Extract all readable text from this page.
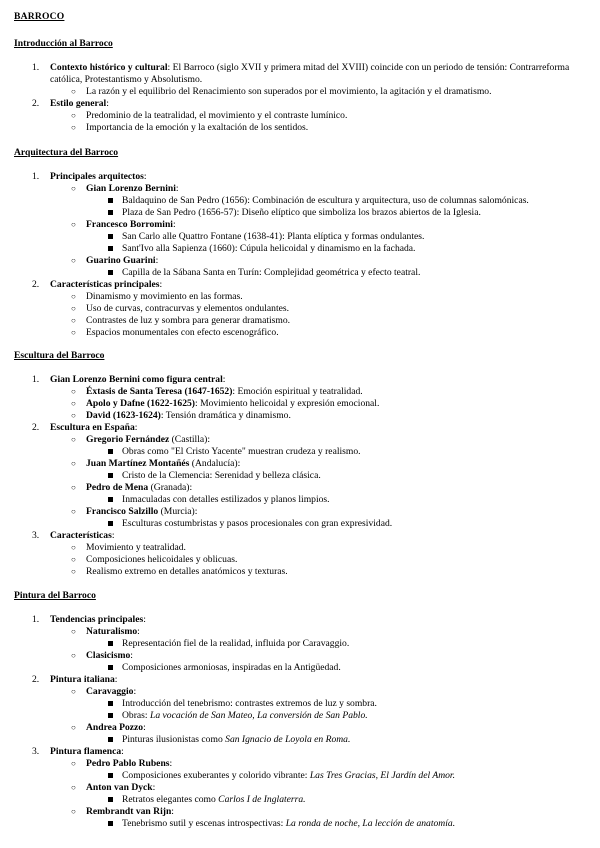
BARROCO

Introducción al Barroco

1. Contexto histórico y cultural: El Barroco (siglo XVII y primera mitad del XVIII) coincide con un periodo de tensión: Contrarreforma
católica, Protestantismo y Absolutismo.
○ La razón y el equilibrio del Renacimiento son superados por el movimiento, la agitación y el dramatismo.
2. Estilo general:
○ Predominio de la teatralidad, el movimiento y el contraste lumínico.
○ Importancia de la emoción y la exaltación de los sentidos.

Arquitectura del Barroco

1. Principales arquitectos:
○ Gian Lorenzo Bernini:
Baldaquino de San Pedro (1656): Combinación de escultura y arquitectura, uso de columnas salomónicas.
Plaza de San Pedro (1656-57): Diseño elíptico que simboliza los brazos abiertos de la Iglesia.
○ Francesco Borromini:
San Carlo alle Quattro Fontane (1638-41): Planta elíptica y formas ondulantes.
Sant'Ivo alla Sapienza (1660): Cúpula helicoidal y dinamismo en la fachada.
○ Guarino Guarini:
Capilla de la Sábana Santa en Turín: Complejidad geométrica y efecto teatral.
2. Características principales:
○ Dinamismo y movimiento en las formas.
○ Uso de curvas, contracurvas y elementos ondulantes.
○ Contrastes de luz y sombra para generar dramatismo.
○ Espacios monumentales con efecto escenográfico.

Escultura del Barroco

1. Gian Lorenzo Bernini como figura central:
○ Éxtasis de Santa Teresa (1647-1652): Emoción espiritual y teatralidad.
○ Apolo y Dafne (1622-1625): Movimiento helicoidal y expresión emocional.
○ David (1623-1624): Tensión dramática y dinamismo.
2. Escultura en España:
○ Gregorio Fernández (Castilla):
Obras como "El Cristo Yacente" muestran crudeza y realismo.
○ Juan Martínez Montañés (Andalucía):
Cristo de la Clemencia: Serenidad y belleza clásica.
○ Pedro de Mena (Granada):
Inmaculadas con detalles estilizados y planos limpios.
○ Francisco Salzillo (Murcia):
Esculturas costumbristas y pasos procesionales con gran expresividad.
3. Características:
○ Movimiento y teatralidad.
○ Composiciones helicoidales y oblicuas.
○ Realismo extremo en detalles anatómicos y texturas.

Pintura del Barroco

1. Tendencias principales:
○ Naturalismo:
Representación fiel de la realidad, influida por Caravaggio.
○ Clasicismo:
Composiciones armoniosas, inspiradas en la Antigüedad.
2. Pintura italiana:
○ Caravaggio:
Introducción del tenebrismo: contrastes extremos de luz y sombra.
Obras: La vocación de San Mateo, La conversión de San Pablo.
○ Andrea Pozzo:
Pinturas ilusionistas como San Ignacio de Loyola en Roma.
3. Pintura flamenca:
○ Pedro Pablo Rubens:
Composiciones exuberantes y colorido vibrante: Las Tres Gracias, El Jardín del Amor.
○ Anton van Dyck:
Retratos elegantes como Carlos I de Inglaterra.
○ Rembrandt van Rijn:
Tenebrismo sutil y escenas introspectivas: La ronda de noche, La lección de anatomía.
